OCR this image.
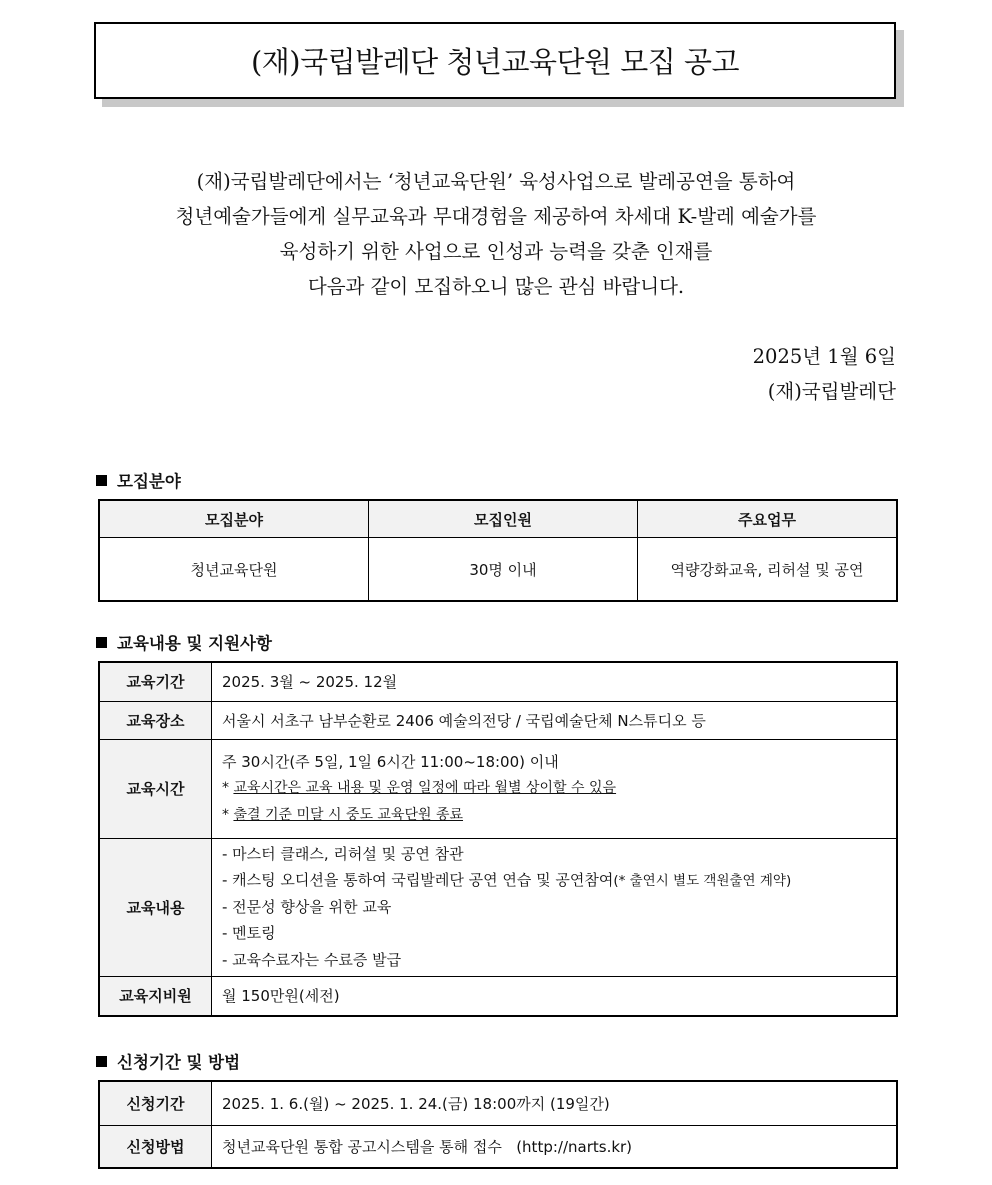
(재)국립발레단 청년교육단원 모집 공고
(재)국립발레단에서는 ‘청년교육단원’ 육성사업으로 발레공연을 통하여
청년예술가들에게 실무교육과 무대경험을 제공하여 차세대 K-발레 예술가를
육성하기 위한 사업으로 인성과 능력을 갖춘 인재를
다음과 같이 모집하오니 많은 관심 바랍니다.
2025년 1월 6일
(재)국립발레단
모집분야
모집분야	모집인원	주요업무
청년교육단원	30명 이내	역량강화교육, 리허설 및 공연
교육내용 및 지원사항
교육기간	2025. 3월 ~ 2025. 12월
교육장소	서울시 서초구 남부순환로 2406 예술의전당 / 국립예술단체 N스튜디오 등
교육시간	주 30시간(주 5일, 1일 6시간 11:00~18:00) 이내
* 교육시간은 교육 내용 및 운영 일정에 따라 월별 상이할 수 있음
* 출결 기준 미달 시 중도 교육단원 종료

교육내용	- 마스터 클래스, 리허설 및 공연 참관
- 캐스팅 오디션을 통하여 국립발레단 공연 연습 및 공연참여(* 출연시 별도 객원출연 계약)
- 전문성 향상을 위한 교육
- 멘토링
- 교육수료자는 수료증 발급

교육지비원	월 150만원(세전)
신청기간 및 방법
신청기간	2025. 1. 6.(월) ~ 2025. 1. 24.(금) 18:00까지 (19일간)
신청방법	청년교육단원 통합 공고시스템을 통해 접수   (http://narts.kr)
